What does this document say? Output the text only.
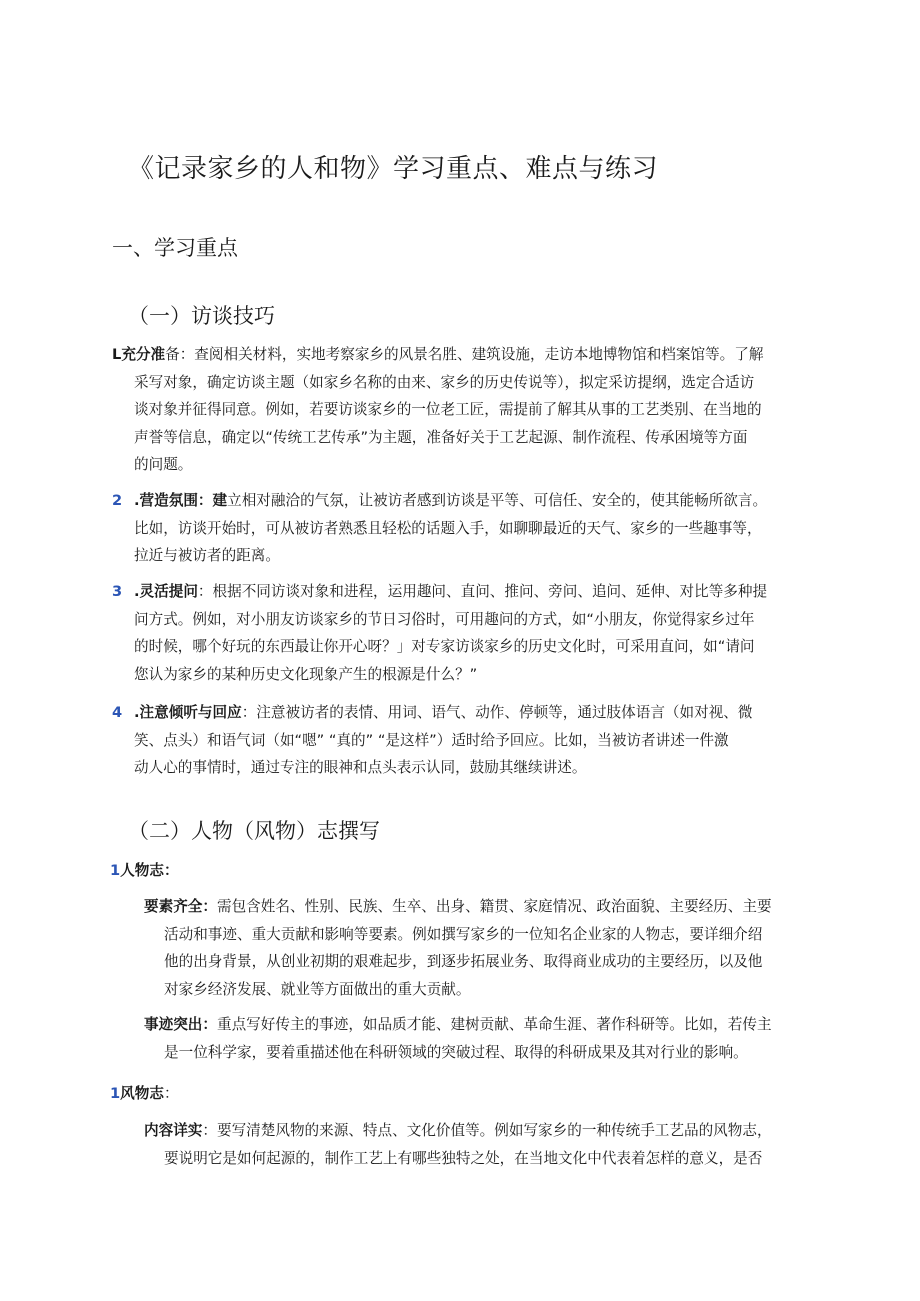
《记录家乡的人和物》学习重点、难点与练习
一、学习重点
（一）访谈技巧
L充分准备：查阅相关材料，实地考察家乡的风景名胜、建筑设施，走访本地博物馆和档案馆等。了解
采写对象，确定访谈主题（如家乡名称的由来、家乡的历史传说等），拟定采访提纲，选定合适访
谈对象并征得同意。例如，若要访谈家乡的一位老工匠，需提前了解其从事的工艺类别、在当地的
声誉等信息，确定以“传统工艺传承”为主题，准备好关于工艺起源、制作流程、传承困境等方面
的问题。
2 .营造氛围：建立相对融洽的气氛，让被访者感到访谈是平等、可信任、安全的，使其能畅所欲言。
比如，访谈开始时，可从被访者熟悉且轻松的话题入手，如聊聊最近的天气、家乡的一些趣事等，
拉近与被访者的距离。
3 .灵活提问：根据不同访谈对象和进程，运用趣问、直问、推问、旁问、追问、延伸、对比等多种提
问方式。例如，对小朋友访谈家乡的节日习俗时，可用趣问的方式，如“小朋友，你觉得家乡过年
的时候，哪个好玩的东西最让你开心呀？」对专家访谈家乡的历史文化时，可采用直问，如“请问
您认为家乡的某种历史文化现象产生的根源是什么？”
4 .注意倾听与回应：注意被访者的表情、用词、语气、动作、停顿等，通过肢体语言（如对视、微
笑、点头）和语气词（如“嗯” “真的” “是这样”）适时给予回应。比如，当被访者讲述一件激
动人心的事情时，通过专注的眼神和点头表示认同，鼓励其继续讲述。
（二）人物（风物）志撰写
1人物志：
要素齐全：需包含姓名、性别、民族、生卒、出身、籍贯、家庭情况、政治面貌、主要经历、主要
活动和事迹、重大贡献和影响等要素。例如撰写家乡的一位知名企业家的人物志，要详细介绍
他的出身背景，从创业初期的艰难起步，到逐步拓展业务、取得商业成功的主要经历，以及他
对家乡经济发展、就业等方面做出的重大贡献。
事迹突出：重点写好传主的事迹，如品质才能、建树贡献、革命生涯、著作科研等。比如，若传主
是一位科学家，要着重描述他在科研领域的突破过程、取得的科研成果及其对行业的影响。
1风物志：
内容详实：要写清楚风物的来源、特点、文化价值等。例如写家乡的一种传统手工艺品的风物志，
要说明它是如何起源的，制作工艺上有哪些独特之处，在当地文化中代表着怎样的意义，是否
